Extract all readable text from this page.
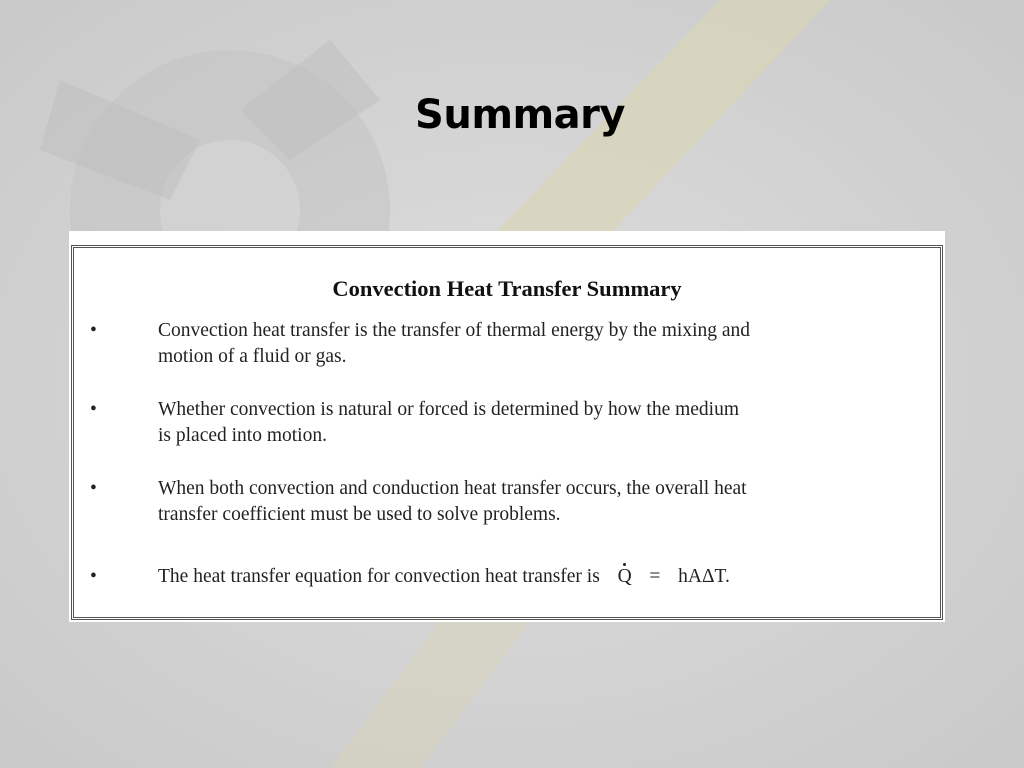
Summary
Convection Heat Transfer Summary
•	Convection heat transfer is the transfer of thermal energy by the mixing and
motion of a fluid or gas.
•	Whether convection is natural or forced is determined by how the medium
is placed into motion.
•	When both convection and conduction heat transfer occurs, the overall heat
transfer coefficient must be used to solve problems.
•	The heat transfer equation for convection heat transfer is Q = hAΔT.
